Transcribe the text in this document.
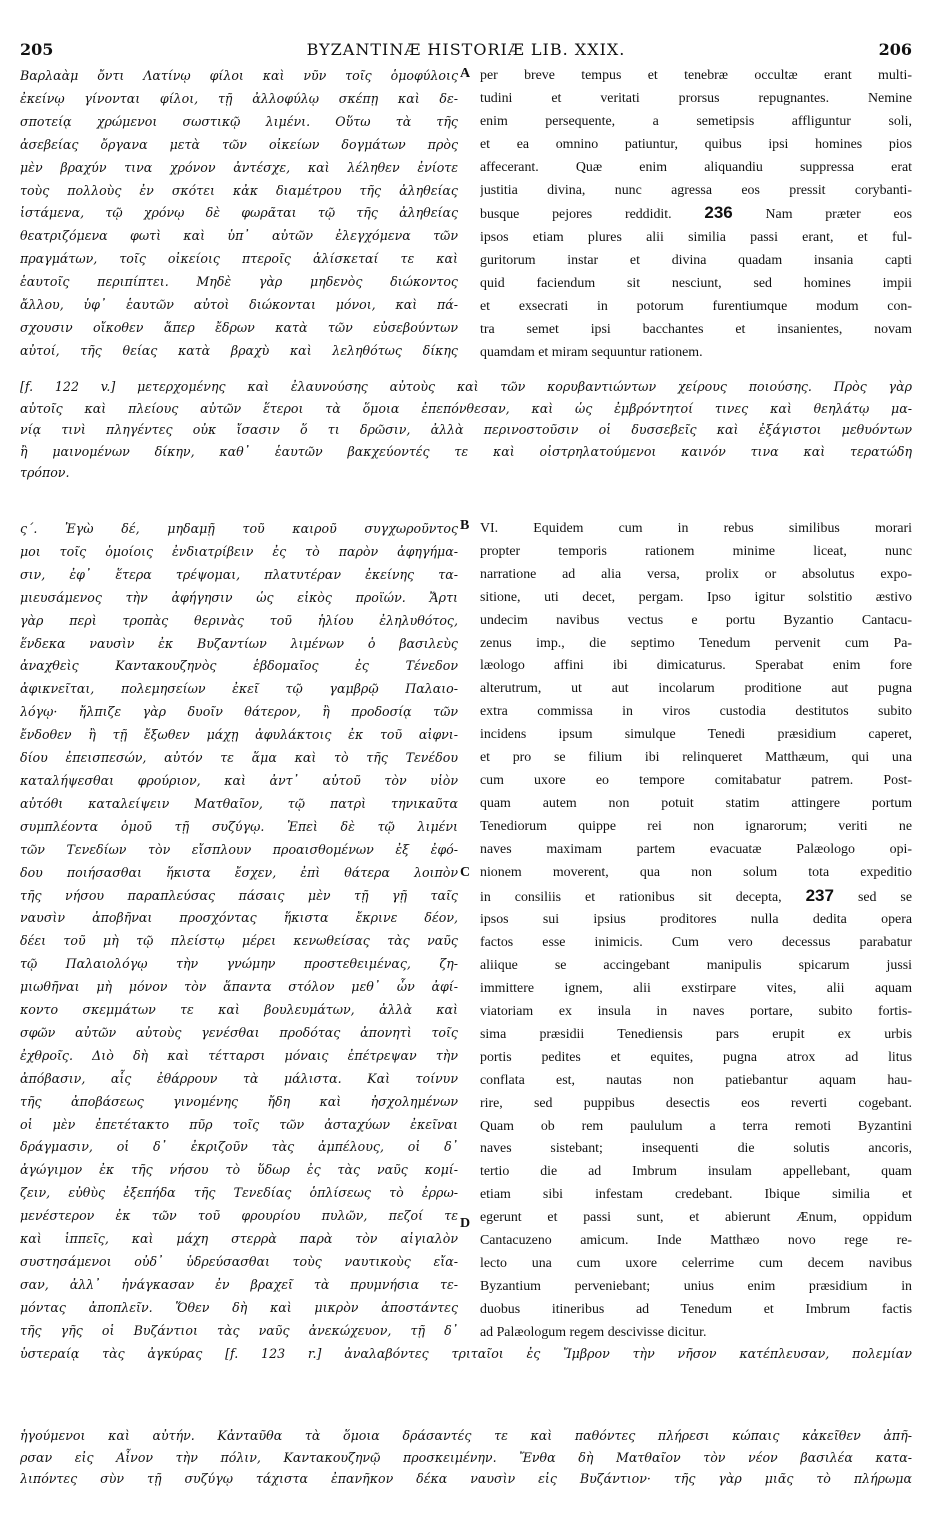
205	BYZANTINÆ HISTORIÆ LIB. XXIX.	206
Βαρλαὰμ ὄντι Λατίνῳ φίλοι καὶ νῦν τοῖς ὁμοφύλοις
ἐκείνῳ γίνονται φίλοι, τῇ ἀλλοφύλῳ σκέπῃ καὶ δε-
σποτείᾳ χρώμενοι σωστικῷ λιμένι. Οὕτω τὰ τῆς
ἀσεβείας ὄργανα μετὰ τῶν οἰκείων δογμάτων πρὸς
μὲν βραχύν τινα χρόνον ἀντέσχε, καὶ λέληθεν ἐνίοτε
τοὺς πολλοὺς ἐν σκότει κἀκ διαμέτρου τῆς ἀληθείας
ἱστάμενα, τῷ χρόνῳ δὲ φωρᾶται τῷ τῆς ἀληθείας
θεατριζόμενα φωτὶ καὶ ὑπ᾽ αὐτῶν ἐλεγχόμενα τῶν
πραγμάτων, τοῖς οἰκείοις πτεροῖς ἁλίσκεταί τε καὶ
ἑαυτοῖς περιπίπτει. Μηδὲ γὰρ μηδενὸς διώκοντος
ἄλλου, ὑφ᾽ ἑαυτῶν αὐτοὶ διώκονται μόνοι, καὶ πά-
σχουσιν οἴκοθεν ἅπερ ἔδρων κατὰ τῶν εὐσεβούντων
αὐτοί, τῆς θείας κατὰ βραχὺ καὶ λεληθότως δίκης
A per breve tempus et tenebræ occultæ erant multi-
tudini et veritati prorsus repugnantes. Nemine
enim persequente, a semetipsis affliguntur soli,
et ea omnino patiuntur, quibus ipsi homines pios
affecerant. Quæ enim aliquandiu suppressa erat
justitia divina, nunc agressa eos pressit corybanti-
busque pejores reddidit. 236 Nam præter eos
ipsos etiam plures alii similia passi erant, et ful-
guritorum instar et divina quadam insania capti
quid faciendum sit nesciunt, sed homines impii
et exsecrati in potorum furentiumque modum con-
tra semet ipsi bacchantes et insanientes, novam
quamdam et miram sequuntur rationem.
[f. 122 v.] μετερχομένης καὶ ἐλαυνούσης αὐτοὺς καὶ τῶν κορυβαντιώντων χείρους ποιούσης. Πρὸς γὰρ
αὐτοῖς καὶ πλείους αὐτῶν ἕτεροι τὰ ὅμοια ἐπεπόνθεσαν, καὶ ὡς ἐμβρόντητοί τινες καὶ θεηλάτῳ μα-
νίᾳ τινὶ πληγέντες οὐκ ἴσασιν ὅ τι δρῶσιν, ἀλλὰ περινοστοῦσιν οἱ δυσσεβεῖς καὶ ἐξάγιστοι μεθυόντων
ἢ μαινομένων δίκην, καθ᾽ ἑαυτῶν βακχεύοντές τε καὶ οἰστρηλατούμενοι καινόν τινα καὶ τερατώδη
τρόπον.
ς΄. Ἐγὼ δέ, μηδαμῇ τοῦ καιροῦ συγχωροῦντος
μοι τοῖς ὁμοίοις ἐνδιατρίβειν ἐς τὸ παρὸν ἀφηγήμα-
σιν, ἐφ᾽ ἕτερα τρέψομαι, πλατυτέραν ἐκείνης τα-
μιευσάμενος τὴν ἀφήγησιν ὡς εἰκὸς προϊών. Ἄρτι
γὰρ περὶ τροπὰς θερινὰς τοῦ ἡλίου ἐληλυθότος,
ἕνδεκα ναυσὶν ἐκ Βυζαντίων λιμένων ὁ βασιλεὺς
ἀναχθεὶς Καντακουζηνὸς ἑβδομαῖος ἐς Τένεδον
ἀφικνεῖται, πολεμησείων ἐκεῖ τῷ γαμβρῷ Παλαιο-
λόγῳ· ἤλπιζε γὰρ δυοῖν θάτερον, ἢ προδοσίᾳ τῶν
ἔνδοθεν ἢ τῇ ἔξωθεν μάχῃ ἀφυλάκτοις ἐκ τοῦ αἰφνι-
δίου ἐπεισπεσών, αὐτόν τε ἅμα καὶ τὸ τῆς Τενέδου
καταλήψεσθαι φρούριον, καὶ ἀντ᾽ αὐτοῦ τὸν υἱὸν
αὐτόθι καταλείψειν Ματθαῖον, τῷ πατρὶ τηνικαῦτα
συμπλέοντα ὁμοῦ τῇ συζύγῳ. Ἐπεὶ δὲ τῷ λιμένι
τῶν Τενεδίων τὸν εἴσπλουν προαισθομένων ἐξ ἐφό-
δου ποιήσασθαι ἥκιστα ἔσχεν, ἐπὶ θάτερα λοιπὸν
τῆς νήσου παραπλεύσας πάσαις μὲν τῇ γῇ ταῖς
ναυσὶν ἀποβῆναι προσχόντας ἥκιστα ἔκρινε δέον,
δέει τοῦ μὴ τῷ πλείστῳ μέρει κενωθείσας τὰς ναῦς
τῷ Παλαιολόγῳ τὴν γνώμην προστεθειμένας, ζη-
μιωθῆναι μὴ μόνον τὸν ἅπαντα στόλον μεθ᾽ ὧν ἀφί-
κοντο σκεμμάτων τε καὶ βουλευμάτων, ἀλλὰ καὶ
σφῶν αὐτῶν αὐτοὺς γενέσθαι προδότας ἀπονητὶ τοῖς
ἐχθροῖς. Διὸ δὴ καὶ τέτταρσι μόναις ἐπέτρεψαν τὴν
ἀπόβασιν, αἷς ἐθάρρουν τὰ μάλιστα. Καὶ τοίνυν
τῆς ἀποβάσεως γινομένης ἤδη καὶ ἠσχολημένων
οἱ μὲν ἐπετέτακτο πῦρ τοῖς τῶν ἀσταχύων ἐκεῖναι
δράγμασιν, οἱ δ᾽ ἐκριζοῦν τὰς ἀμπέλους, οἱ δ᾽
ἀγώγιμον ἐκ τῆς νήσου τὸ ὕδωρ ἐς τὰς ναῦς κομί-
ζειν, εὐθὺς ἐξεπήδα τῆς Τενεδίας ὁπλίσεως τὸ ἐρρω-
μενέστερον ἐκ τῶν τοῦ φρουρίου πυλῶν, πεζοί τε
καὶ ἱππεῖς, καὶ μάχη στερρὰ παρὰ τὸν αἰγιαλὸν
συστησάμενοι οὐδ᾽ ὑδρεύσασθαι τοὺς ναυτικοὺς εἴα-
σαν, ἀλλ᾽ ἠνάγκασαν ἐν βραχεῖ τὰ πρυμνήσια τε-
μόντας ἀποπλεῖν. Ὅθεν δὴ καὶ μικρὸν ἀποστάντες
τῆς γῆς οἱ Βυζάντιοι τὰς ναῦς ἀνεκώχευον, τῇ δ᾽
ὑστεραίᾳ τὰς ἀγκύρας [f. 123 r.] ἀναλαβόντες τριταῖοι ἐς Ἴμβρον τὴν νῆσον κατέπλευσαν, πολεμίαν
B
C
D
VI. Equidem cum in rebus similibus morari
propter temporis rationem minime liceat, nunc
narratione ad alia versa, prolix or absolutus expo-
sitione, uti decet, pergam. Ipso igitur solstitio æstivo
undecim navibus vectus e portu Byzantio Cantacu-
zenus imp., die septimo Tenedum pervenit cum Pa-
læologo affini ibi dimicaturus. Sperabat enim fore
alterutrum, ut aut incolarum proditione aut pugna
extra commissa in viros custodia destitutos subito
incidens ipsum simulque Tenedi præsidium caperet,
et pro se filium ibi relinqueret Matthæum, qui una
cum uxore eo tempore comitabatur patrem. Post-
quam autem non potuit statim attingere portum
Tenediorum quippe rei non ignarorum; veriti ne
naves maximam partem evacuatæ Palæologo opi-
nionem moverent, qua non solum tota expeditio
in consiliis et rationibus sit decepta, 237 sed se
ipsos sui ipsius proditores nulla dedita opera
factos esse inimicis. Cum vero decessus parabatur
aliique se accingebant manipulis spicarum jussi
immittere ignem, alii exstirpare vites, alii aquam
viatoriam ex insula in naves portare, subito fortis-
sima præsidii Tenediensis pars erupit ex urbis
portis pedites et equites, pugna atrox ad litus
conflata est, nautas non patiebantur aquam hau-
rire, sed puppibus desectis eos reverti cogebant.
Quam ob rem paululum a terra remoti Byzantini
naves sistebant; insequenti die solutis ancoris,
tertio die ad Imbrum insulam appellebant, quam
etiam sibi infestam credebant. Ibique similia et
egerunt et passi sunt, et abierunt Ænum, oppidum
Cantacuzeno amicum. Inde Matthæo novo rege re-
lecto una cum uxore celerrime cum decem navibus
Byzantium perveniebant; unius enim præsidium in
duobus itineribus ad Tenedum et Imbrum factis
ad Palæologum regem descivisse dicitur.
ἡγούμενοι καὶ αὐτήν. Κἀνταῦθα τὰ ὅμοια δράσαντές τε καὶ παθόντες πλήρεσι κώπαις κἀκεῖθεν ἀπῆ-
ρσαν εἰς Αἶνον τὴν πόλιν, Καντακουζηνῷ προσκειμένην. Ἔνθα δὴ Ματθαῖον τὸν νέον βασιλέα κατα-
λιπόντες σὺν τῇ συζύγῳ τάχιστα ἐπανῆκον δέκα ναυσὶν εἰς Βυζάντιον· τῆς γὰρ μιᾶς τὸ πλήρωμα
